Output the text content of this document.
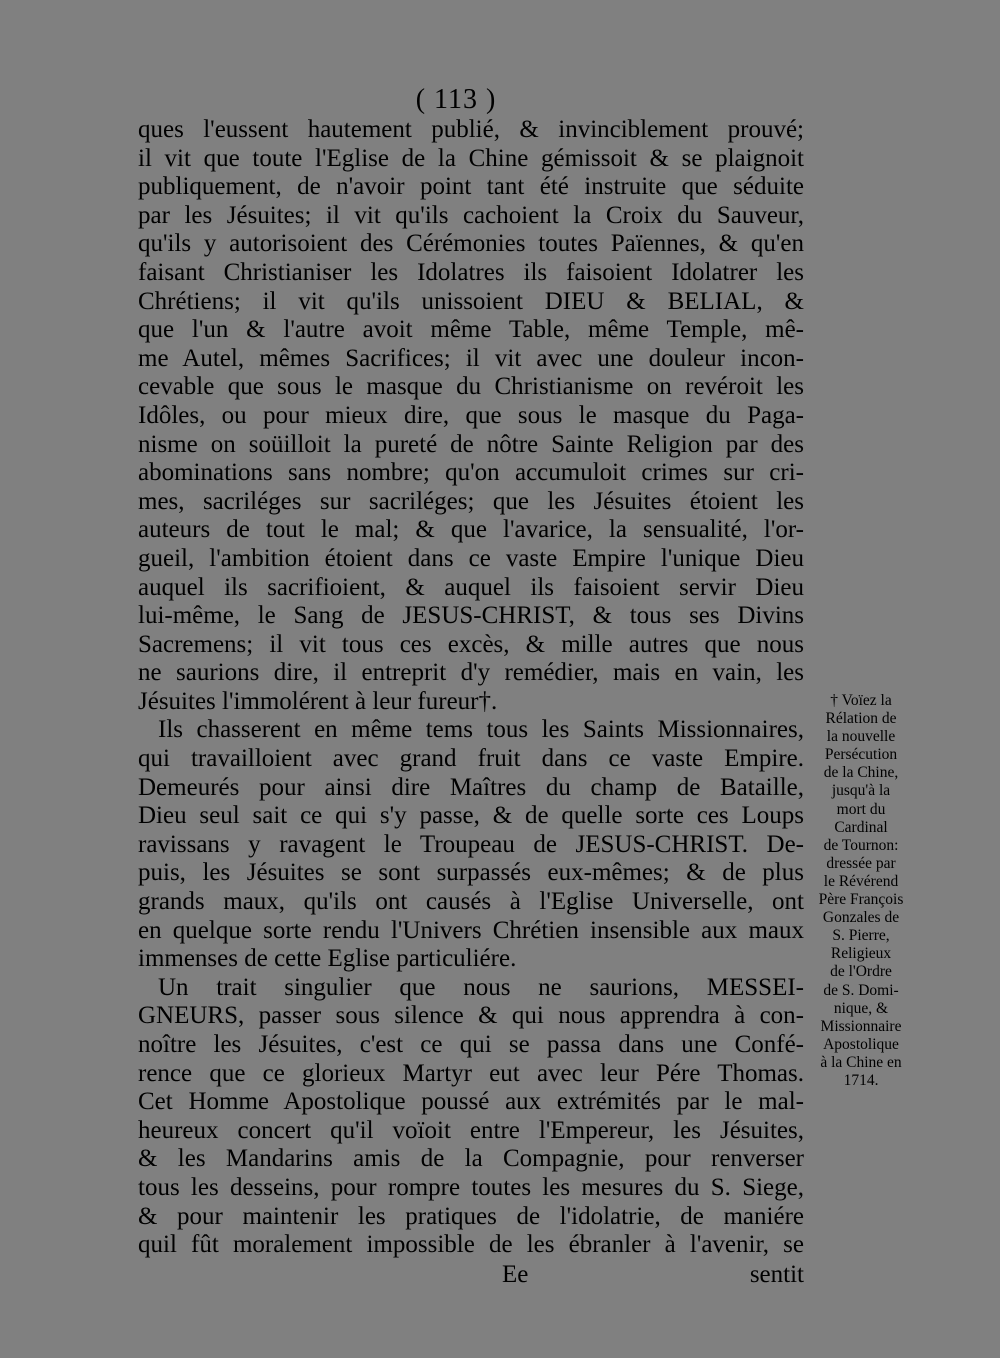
( 113 )
ques l'eussent hautement publié, & invinciblement prouvé;
il vit que toute l'Eglise de la Chine gémissoit & se plaignoit
publiquement, de n'avoir point tant été instruite que séduite
par les Jésuites; il vit qu'ils cachoient la Croix du Sauveur,
qu'ils y autorisoient des Cérémonies toutes Païennes, & qu'en
faisant Christianiser les Idolatres ils faisoient Idolatrer les
Chrétiens; il vit qu'ils unissoient DIEU & BELIAL, &
que l'un & l'autre avoit même Table, même Temple, mê-
me Autel, mêmes Sacrifices; il vit avec une douleur incon-
cevable que sous le masque du Christianisme on revéroit les
Idôles, ou pour mieux dire, que sous le masque du Paga-
nisme on soüilloit la pureté de nôtre Sainte Religion par des
abominations sans nombre; qu'on accumuloit crimes sur cri-
mes, sacriléges sur sacriléges; que les Jésuites étoient les
auteurs de tout le mal; & que l'avarice, la sensualité, l'or-
gueil, l'ambition étoient dans ce vaste Empire l'unique Dieu
auquel ils sacrifioient, & auquel ils faisoient servir Dieu
lui-même, le Sang de JESUS-CHRIST, & tous ses Divins
Sacremens; il vit tous ces excès, & mille autres que nous
ne saurions dire, il entreprit d'y remédier, mais en vain, les
Jésuites l'immolérent à leur fureur†.
Ils chasserent en même tems tous les Saints Missionnaires,
qui travailloient avec grand fruit dans ce vaste Empire.
Demeurés pour ainsi dire Maîtres du champ de Bataille,
Dieu seul sait ce qui s'y passe, & de quelle sorte ces Loups
ravissans y ravagent le Troupeau de JESUS-CHRIST. De-
puis, les Jésuites se sont surpassés eux-mêmes; & de plus
grands maux, qu'ils ont causés à l'Eglise Universelle, ont
en quelque sorte rendu l'Univers Chrétien insensible aux maux
immenses de cette Eglise particuliére.
Un trait singulier que nous ne saurions, MESSEI-
GNEURS, passer sous silence & qui nous apprendra à con-
noître les Jésuites, c'est ce qui se passa dans une Confé-
rence que ce glorieux Martyr eut avec leur Pére Thomas.
Cet Homme Apostolique poussé aux extrémités par le mal-
heureux concert qu'il voïoit entre l'Empereur, les Jésuites,
& les Mandarins amis de la Compagnie, pour renverser
tous les desseins, pour rompre toutes les mesures du S. Siege,
& pour maintenir les pratiques de l'idolatrie, de maniére
quil fût moralement impossible de les ébranler à l'avenir, se
Ee	sentit
† Voïez la
Rélation de
la nouvelle
Persécution
de la Chine,
jusqu'à la
mort du
Cardinal
de Tournon:
dressée par
le Révérend
Père François
Gonzales de
S. Pierre,
Religieux
de l'Ordre
de S. Domi-
nique, &
Missionnaire
Apostolique
à la Chine en
1714.
